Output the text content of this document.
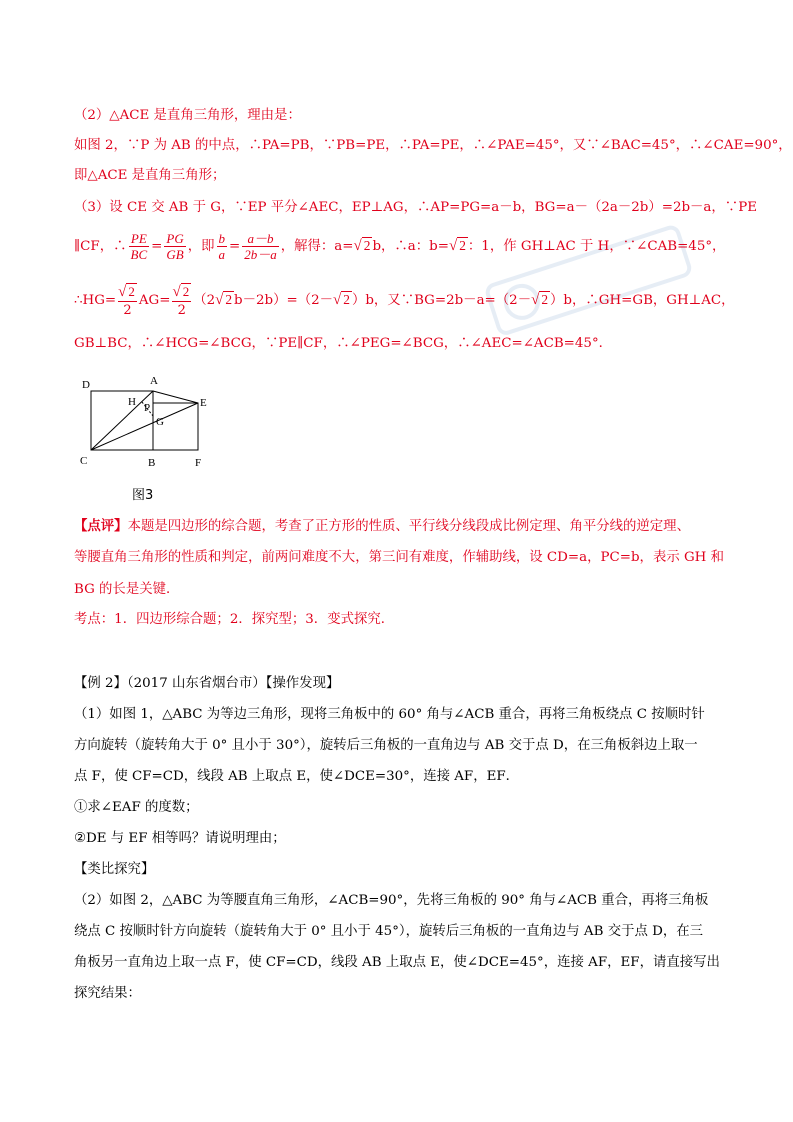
（2）△ACE 是直角三角形，理由是：
如图 2，∵P 为 AB 的中点，∴PA=PB，∵PB=PE，∴PA=PE，∴∠PAE=45°，又∵∠BAC=45°，∴∠CAE=90°，
即△ACE 是直角三角形；
（3）设 CE 交 AB 于 G，∵EP 平分∠AEC，EP⊥AG，∴AP=PG=a－b，BG=a－（2a－2b）=2b－a，∵PE
∥CF，∴ $\frac{PE}{BC} = \frac{PG}{GB}$ ，即 $\frac{b}{a} = \frac{a-b}{2b-a}$ ，解得：a=√ 2 b，∴a：b=√ 2 ：1，作 GH⊥AC 于 H，∵∠CAB=45°，
∴HG= $\frac{√ 2}{2} AG= \frac{√ 2}{2} (2√$ 2 b－2b）=（2－√ 2 ）b，又∵BG=2b－a=（2－√ 2 ）b，∴GH=GB，GH⊥AC，
GB⊥BC，∴∠HCG=∠BCG，∵PE∥CF，∴∠PEG=∠BCG，∴∠AEC=∠ACB=45°．
D	A
E
H P
G
C	B	F
图3
【点评】本题是四边形的综合题，考查了正方形的性质、平行线分线段成比例定理、角平分线的逆定理、
等腰直角三角形的性质和判定，前两问难度不大，第三问有难度，作辅助线，设 CD=a，PC=b，表示 GH 和
BG 的长是关键．
考点：1．四边形综合题；2．探究型；3．变式探究．
【例 2】（2017 山东省烟台市）【操作发现】
（1）如图 1，△ABC 为等边三角形，现将三角板中的 60° 角与∠ACB 重合，再将三角板绕点 C 按顺时针
方向旋转（旋转角大于 0° 且小于 30°），旋转后三角板的一直角边与 AB 交于点 D，在三角板斜边上取一
点 F，使 CF=CD，线段 AB 上取点 E，使∠DCE=30°，连接 AF，EF．
①求∠EAF 的度数；
②DE 与 EF 相等吗？请说明理由；
【类比探究】
（2）如图 2，△ABC 为等腰直角三角形，∠ACB=90°，先将三角板的 90° 角与∠ACB 重合，再将三角板
绕点 C 按顺时针方向旋转（旋转角大于 0° 且小于 45°），旋转后三角板的一直角边与 AB 交于点 D，在三
角板另一直角边上取一点 F，使 CF=CD，线段 AB 上取点 E，使∠DCE=45°，连接 AF，EF，请直接写出
探究结果：
